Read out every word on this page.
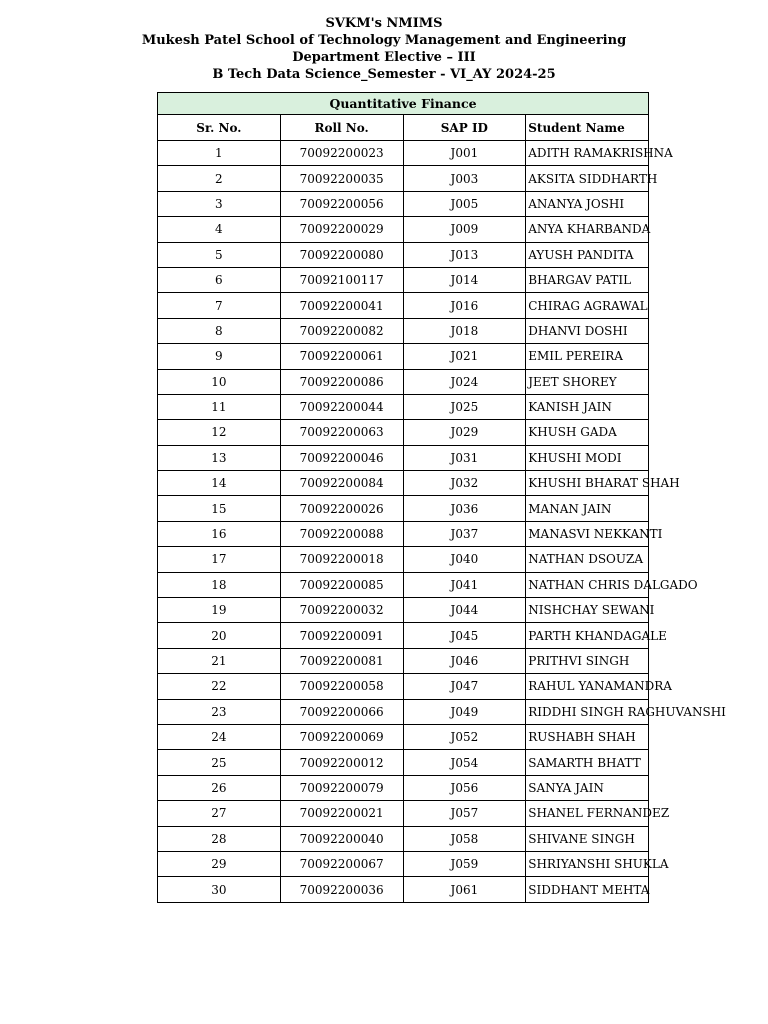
SVKM's NMIMS
Mukesh Patel School of Technology Management and Engineering
Department Elective – III
B Tech Data Science_Semester - VI_AY 2024-25
Quantitative Finance			
Sr. No.	Roll No.	SAP ID	Student Name
1	70092200023	J001	ADITH RAMAKRISHNA
2	70092200035	J003	AKSITA SIDDHARTH
3	70092200056	J005	ANANYA JOSHI
4	70092200029	J009	ANYA KHARBANDA
5	70092200080	J013	AYUSH PANDITA
6	70092100117	J014	BHARGAV PATIL
7	70092200041	J016	CHIRAG AGRAWAL
8	70092200082	J018	DHANVI DOSHI
9	70092200061	J021	EMIL PEREIRA
10	70092200086	J024	JEET SHOREY
11	70092200044	J025	KANISH JAIN
12	70092200063	J029	KHUSH GADA
13	70092200046	J031	KHUSHI MODI
14	70092200084	J032	KHUSHI BHARAT SHAH
15	70092200026	J036	MANAN JAIN
16	70092200088	J037	MANASVI NEKKANTI
17	70092200018	J040	NATHAN DSOUZA
18	70092200085	J041	NATHAN CHRIS DALGADO
19	70092200032	J044	NISHCHAY SEWANI
20	70092200091	J045	PARTH KHANDAGALE
21	70092200081	J046	PRITHVI SINGH
22	70092200058	J047	RAHUL YANAMANDRA
23	70092200066	J049	RIDDHI SINGH RAGHUVANSHI
24	70092200069	J052	RUSHABH SHAH
25	70092200012	J054	SAMARTH BHATT
26	70092200079	J056	SANYA JAIN
27	70092200021	J057	SHANEL FERNANDEZ
28	70092200040	J058	SHIVANE SINGH
29	70092200067	J059	SHRIYANSHI SHUKLA
30	70092200036	J061	SIDDHANT MEHTA
